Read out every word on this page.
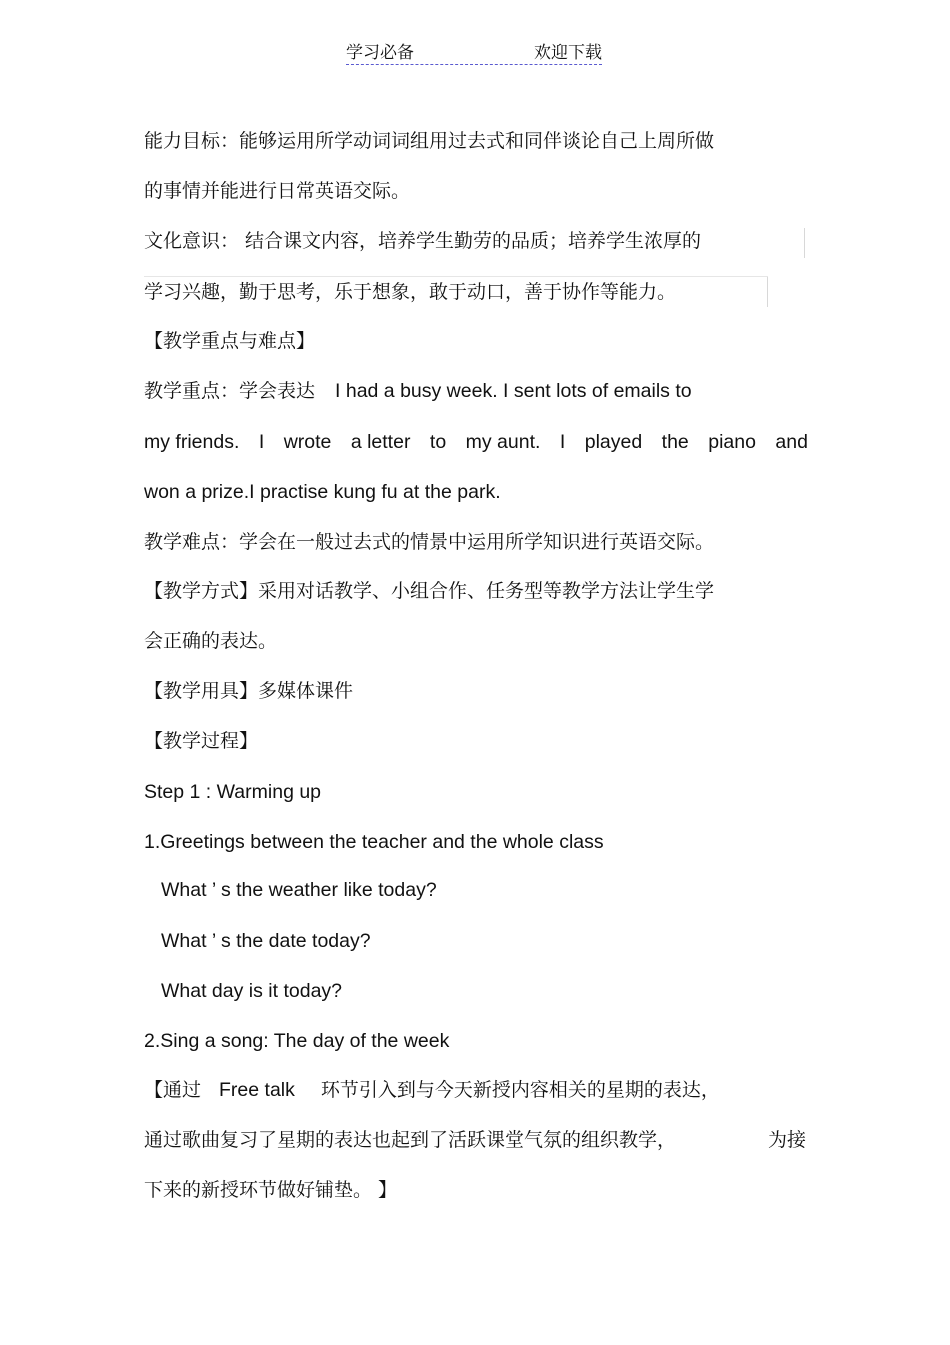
学习必备	欢迎下载
能力目标：能够运用所学动词词组用过去式和同伴谈论自己上周所做
的事情并能进行日常英语交际。
文化意识： 结合课文内容，培养学生勤劳的品质；培养学生浓厚的
学习兴趣，勤于思考，乐于想象，敢于动口，善于协作等能力。
【教学重点与难点】
教学重点：学会表达 I had a busy week. I sent lots of emails to
my friends. I wrote a letter to my aunt. I played the piano and
won a prize.I practise kung fu at the park.
教学难点：学会在一般过去式的情景中运用所学知识进行英语交际。
【教学方式】采用对话教学、小组合作、任务型等教学方法让学生学
会正确的表达。
【教学用具】多媒体课件
【教学过程】
Step 1 : Warming up
1.Greetings between the teacher and the whole class
What ’ s the weather like today?
What ’ s the date today?
What day is it today?
2.Sing a song: The day of the week
【通过 Free talk 环节引入到与今天新授内容相关的星期的表达，
通过歌曲复习了星期的表达也起到了活跃课堂气氛的组织教学，	为接
下来的新授环节做好铺垫。 】
